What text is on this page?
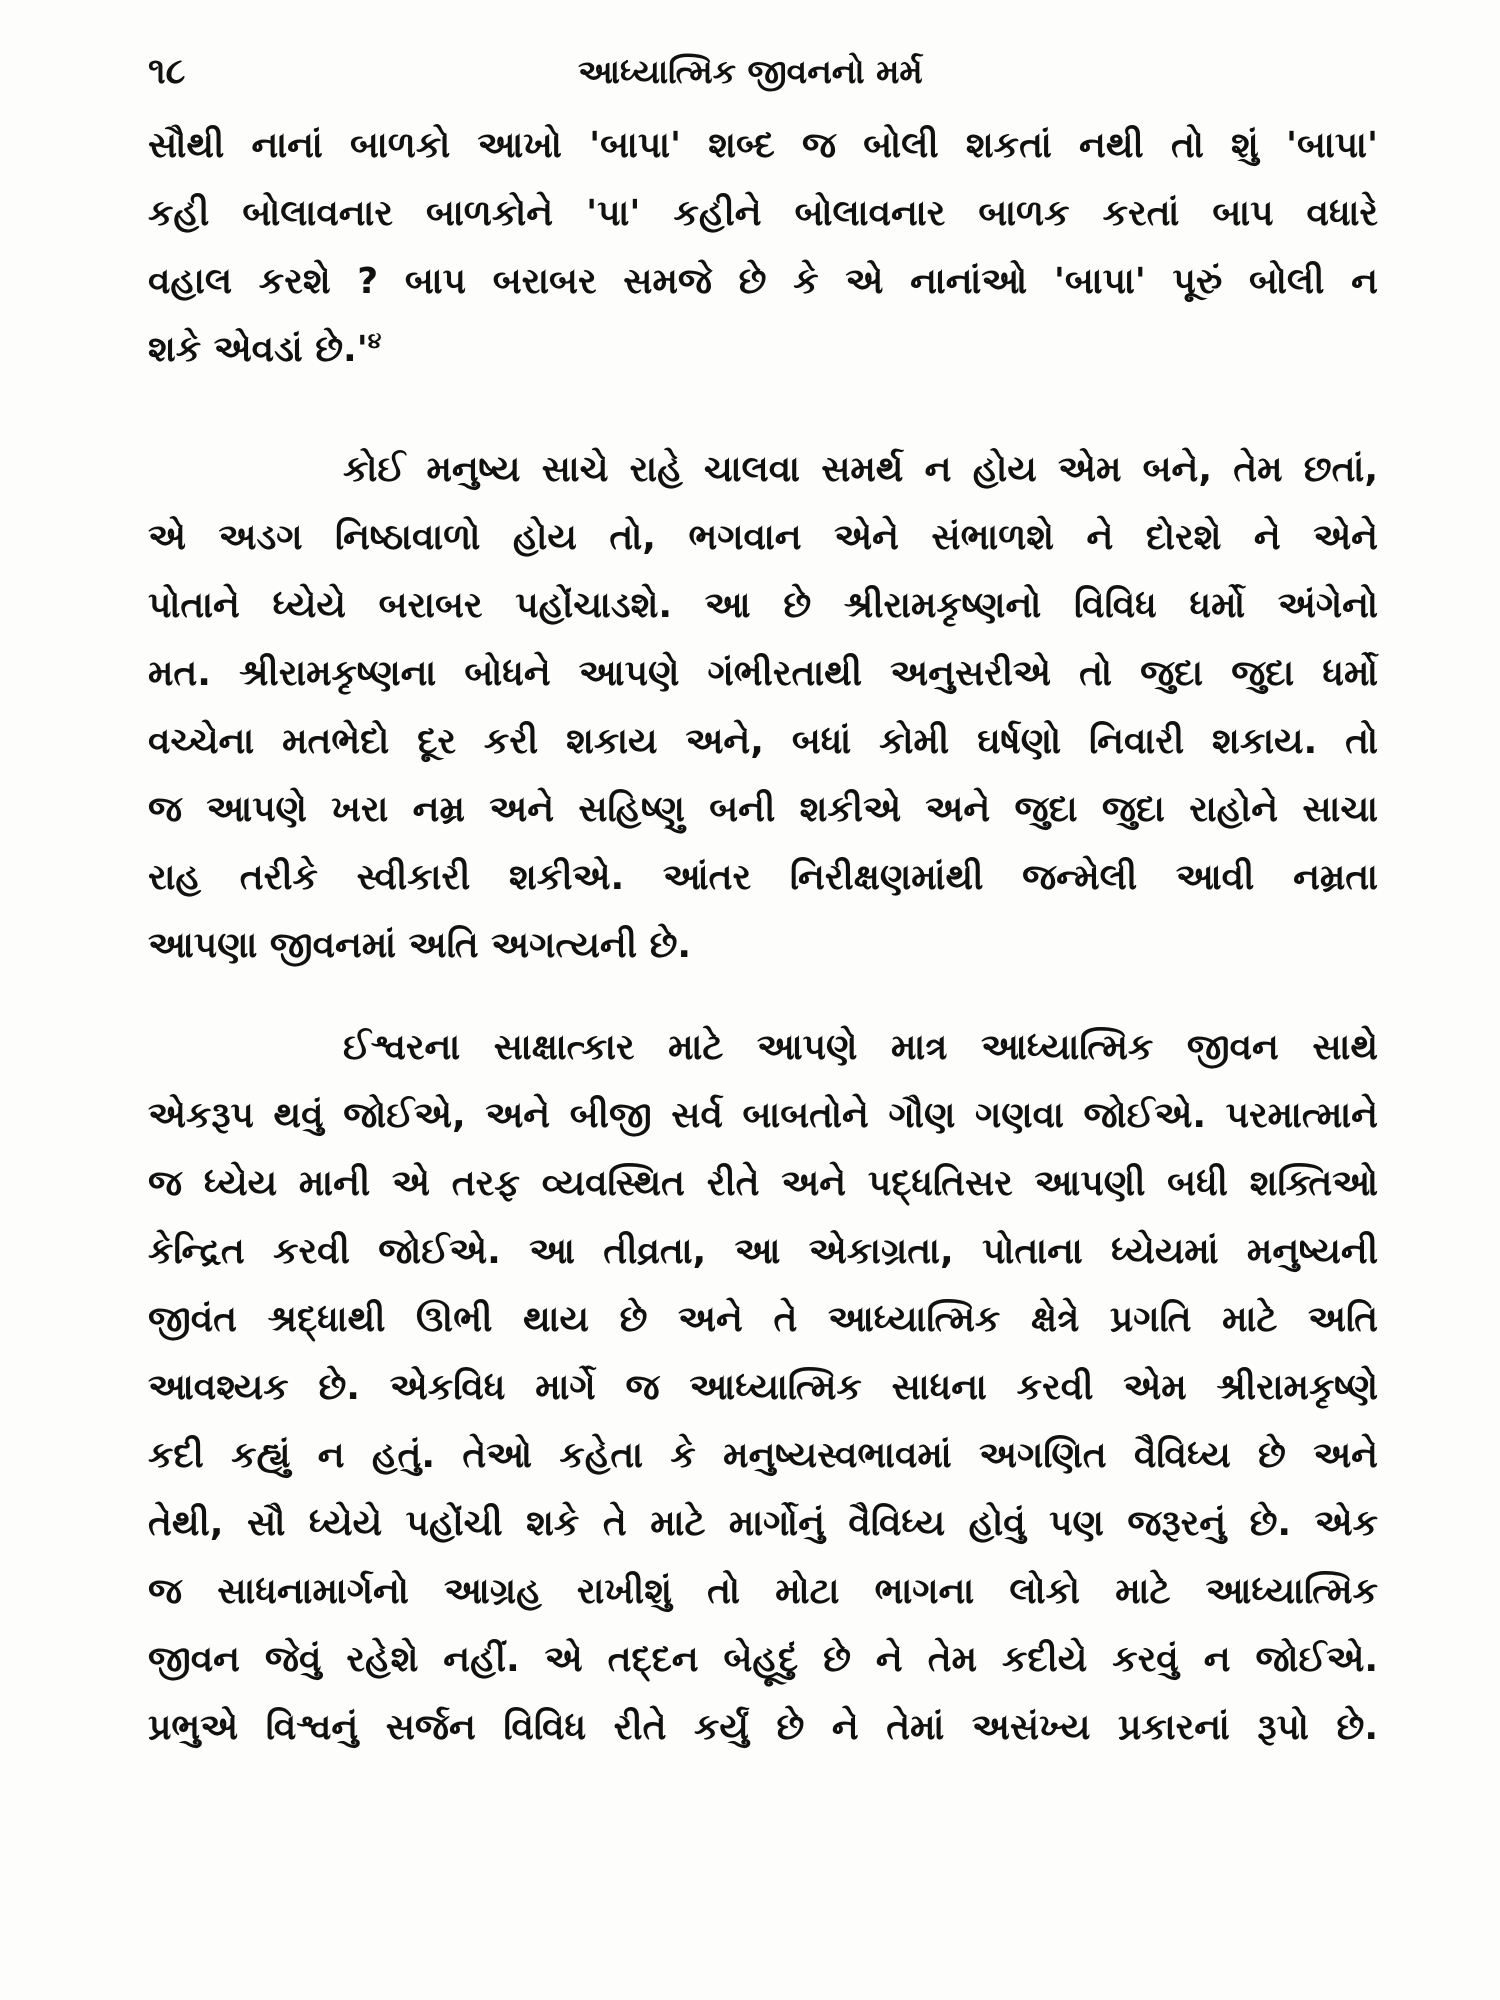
૧૮	આધ્યાત્મિક જીવનનો મર્મ
સૌથી નાનાં બાળકો આખો 'બાપા' શબ્દ જ બોલી શકતાં નથી તો શું 'બાપા'
કહી બોલાવનાર બાળકોને 'પા' કહીને બોલાવનાર બાળક કરતાં બાપ વધારે
વહાલ કરશે ? બાપ બરાબર સમજે છે કે એ નાનાંઓ 'બાપા' પૂરું બોલી ન
શકે એવડાં છે.'$^૪$
કોઈ મનુષ્ય સાચે રાહે ચાલવા સમર્થ ન હોય એમ બને, તેમ છતાં,
એ અડગ નિષ્ઠાવાળો હોય તો, ભગવાન એને સંભાળશે ને દોરશે ને એને
પોતાને ધ્યેયે બરાબર પહોંચાડશે. આ છે શ્રીરામકૃષ્ણનો વિવિધ ધર્મો અંગેનો
મત. શ્રીરામકૃષ્ણના બોધને આપણે ગંભીરતાથી અનુસરીએ તો જુદા જુદા ધર્મો
વચ્ચેના મતભેદો દૂર કરી શકાય અને, બધાં કોમી ઘર્ષણો નિવારી શકાય. તો
જ આપણે ખરા નમ્ર અને સહિષ્ણુ બની શકીએ અને જુદા જુદા રાહોને સાચા
રાહ તરીકે સ્વીકારી શકીએ. આંતર નિરીક્ષણમાંથી જન્મેલી આવી નમ્રતા
આપણા જીવનમાં અતિ અગત્યની છે.
ઈશ્વરના સાક્ષાત્કાર માટે આપણે માત્ર આધ્યાત્મિક જીવન સાથે
એકરૂપ થવું જોઈએ, અને બીજી સર્વ બાબતોને ગૌણ ગણવા જોઈએ. પરમાત્માને
જ ધ્યેય માની એ તરફ વ્યવસ્થિત રીતે અને પદ્ધતિસર આપણી બધી શક્તિઓ
કેન્દ્રિત કરવી જોઈએ. આ તીવ્રતા, આ એકાગ્રતા, પોતાના ધ્યેયમાં મનુષ્યની
જીવંત શ્રદ્ધાથી ઊભી થાય છે અને તે આધ્યાત્મિક ક્ષેત્રે પ્રગતિ માટે અતિ
આવશ્યક છે. એકવિધ માર્ગે જ આધ્યાત્મિક સાધના કરવી એમ શ્રીરામકૃષ્ણે
કદી કહ્યું ન હતું. તેઓ કહેતા કે મનુષ્યસ્વભાવમાં અગણિત વૈવિધ્ય છે અને
તેથી, સૌ ધ્યેયે પહોંચી શકે તે માટે માર્ગોનું વૈવિધ્ય હોવું પણ જરૂરનું છે. એક
જ સાધનામાર્ગનો આગ્રહ રાખીશું તો મોટા ભાગના લોકો માટે આધ્યાત્મિક
જીવન જેવું રહેશે નહીં. એ તદ્દન બેહૂદું છે ને તેમ કદીયે કરવું ન જોઈએ.
પ્રભુએ વિશ્વનું સર્જન વિવિધ રીતે કર્યું છે ને તેમાં અસંખ્ય પ્રકારનાં રૂપો છે.
